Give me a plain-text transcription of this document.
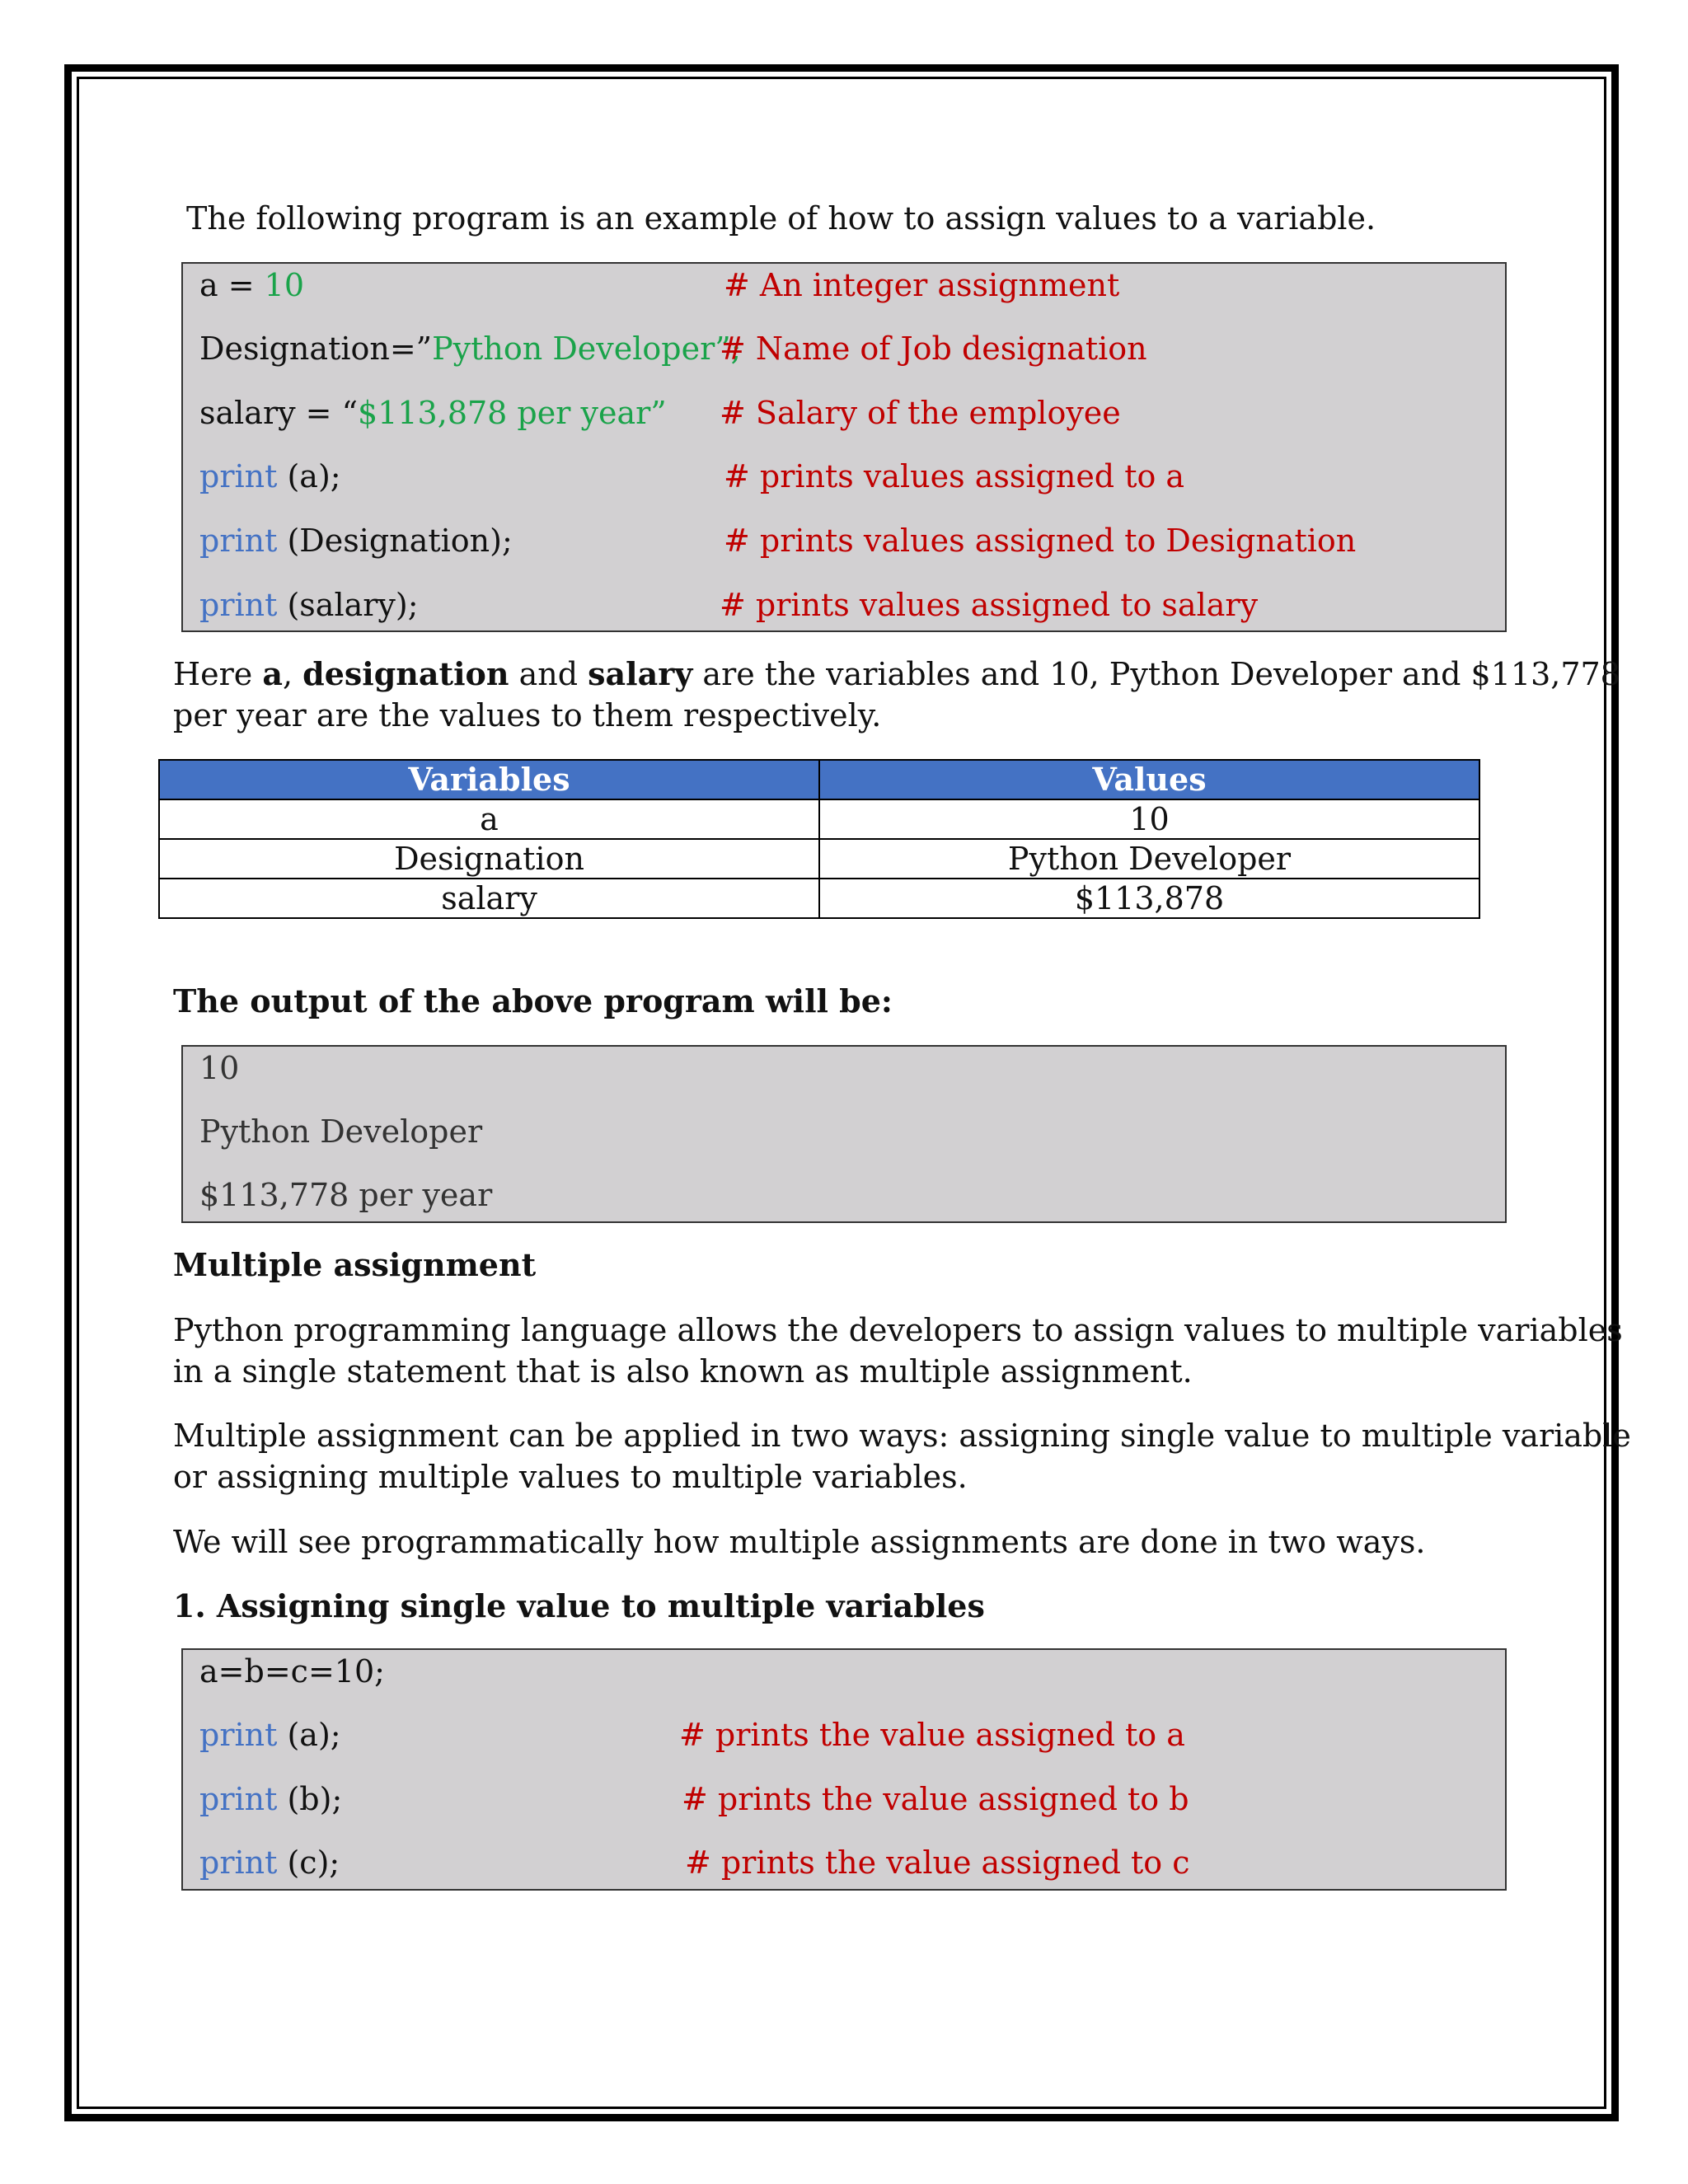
The following program is an example of how to assign values to a variable.

a = 10	# An integer assignment
Designation=”Python Developer”;
# Name of Job designation
salary = “$113,878 per year” # Salary of the employee
print (a);	# prints values assigned to a
print (Designation);	# prints values assigned to Designation
print (salary);	# prints values assigned to salary

Here a, designation and salary are the variables and 10, Python Developer and $113,778

per year are the values to them respectively.

Variables	Values
a	10
Designation	Python Developer
salary	$113,878

The output of the above program will be:

10
Python Developer
$113,778 per year

Multiple assignment

Python programming language allows the developers to assign values to multiple variables

in a single statement that is also known as multiple assignment.

Multiple assignment can be applied in two ways: assigning single value to multiple variable

or assigning multiple values to multiple variables.

We will see programmatically how multiple assignments are done in two ways.

1. Assigning single value to multiple variables

a=b=c=10;
print (a);	# prints the value assigned to a
print (b);	# prints the value assigned to b
print (c);	# prints the value assigned to c
